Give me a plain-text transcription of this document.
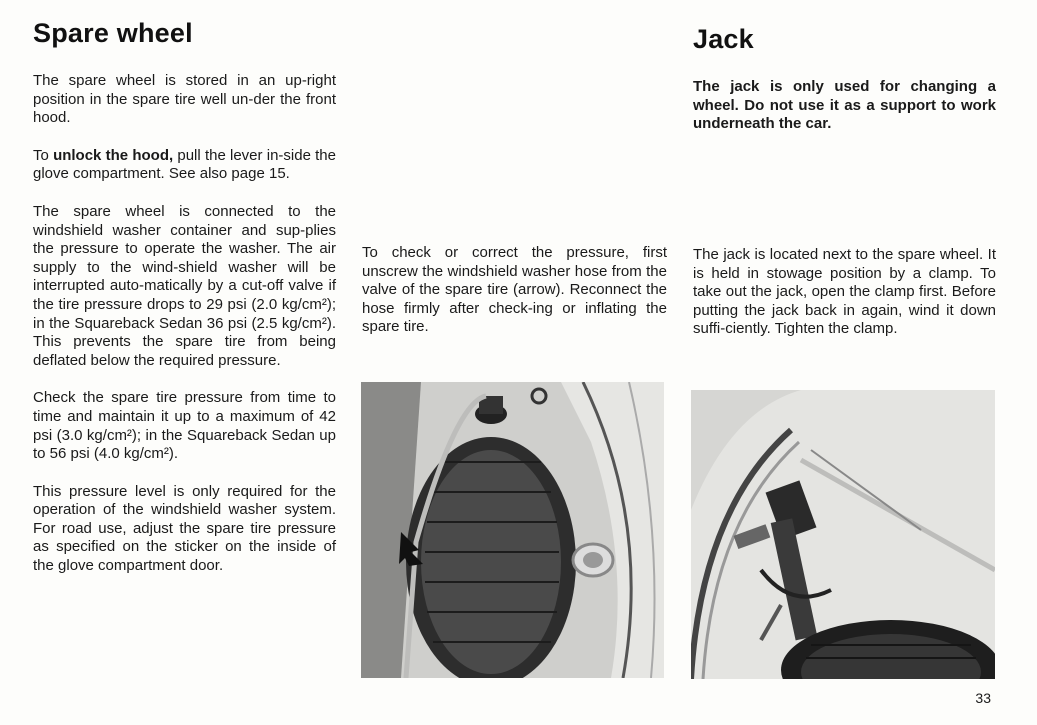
Spare wheel

The spare wheel is stored in an up-right position in the spare tire well un-der the front hood.

To unlock the hood, pull the lever in-side the glove compartment. See also page 15.

The spare wheel is connected to the windshield washer container and sup-plies the pressure to operate the washer. The air supply to the wind-shield washer will be interrupted auto-matically by a cut-off valve if the tire pressure drops to 29 psi (2.0 kg/cm²); in the Squareback Sedan 36 psi (2.5 kg/cm²). This prevents the spare tire from being deflated below the required pressure.

Check the spare tire pressure from time to time and maintain it up to a maximum of 42 psi (3.0 kg/cm²); in the Squareback Sedan up to 56 psi (4.0 kg/cm²).

This pressure level is only required for the operation of the windshield washer system. For road use, adjust the spare tire pressure as specified on the sticker on the inside of the glove compartment door.

To check or correct the pressure, first unscrew the windshield washer hose from the valve of the spare tire (arrow). Reconnect the hose firmly after check-ing or inflating the spare tire.

Jack

The jack is only used for changing a wheel. Do not use it as a support to work underneath the car.

The jack is located next to the spare wheel. It is held in stowage position by a clamp. To take out the jack, open the clamp first. Before putting the jack back in again, wind it down suffi-ciently. Tighten the clamp.

33
